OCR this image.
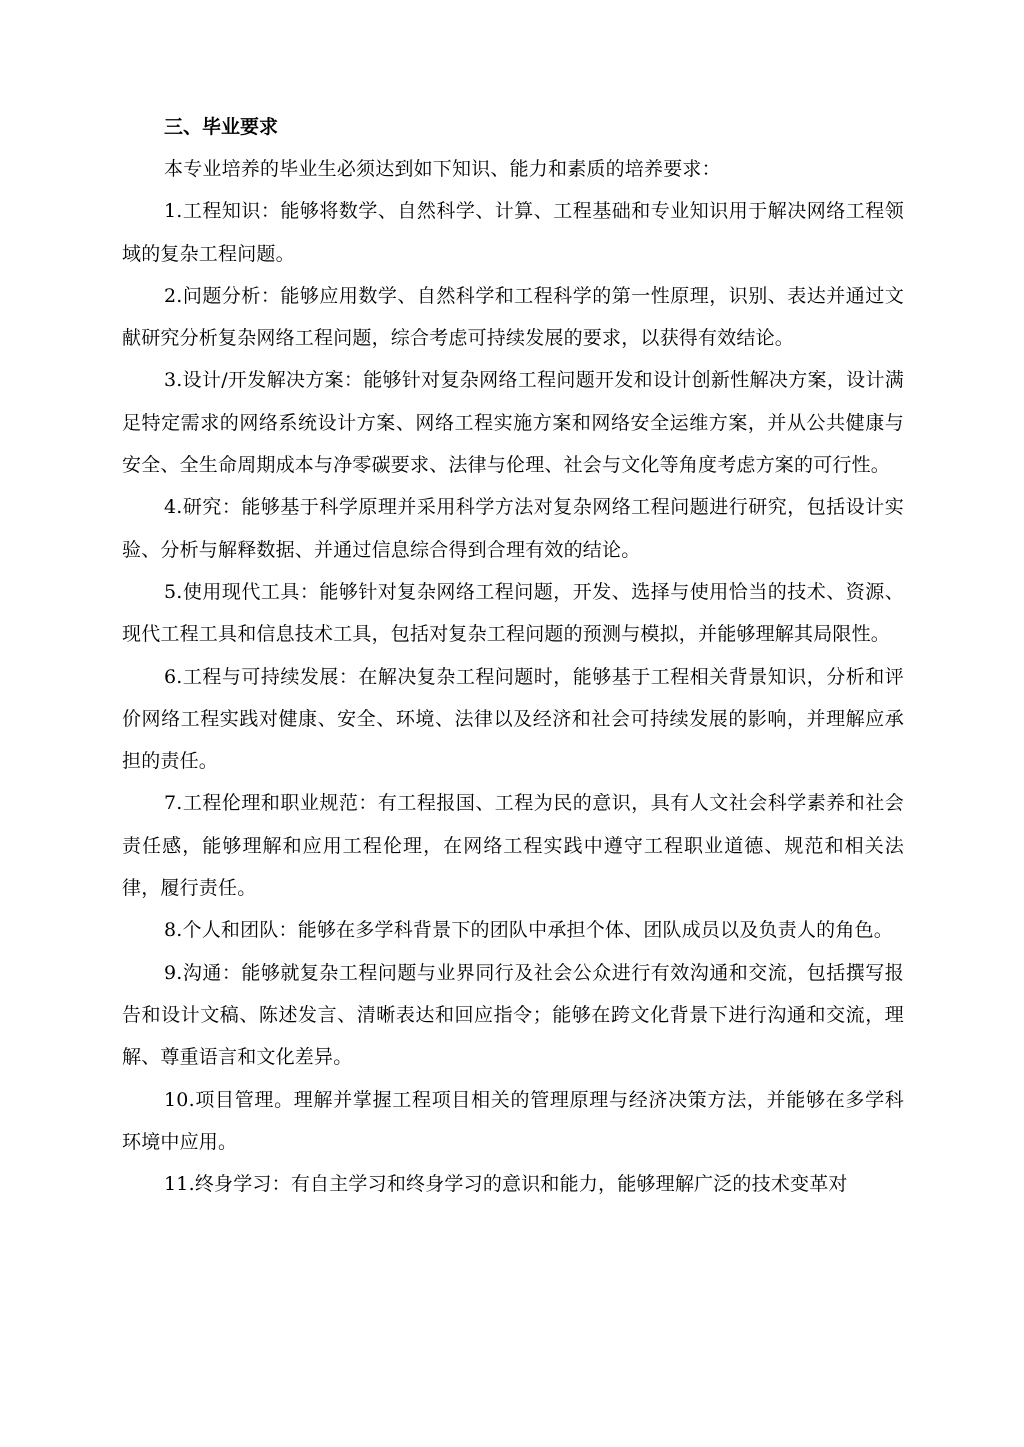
三、毕业要求

本专业培养的毕业生必须达到如下知识、能力和素质的培养要求：

1.工程知识：能够将数学、自然科学、计算、工程基础和专业知识用于解决网络工程领域的复杂工程问题。

2.问题分析：能够应用数学、自然科学和工程科学的第一性原理，识别、表达并通过文献研究分析复杂网络工程问题，综合考虑可持续发展的要求，以获得有效结论。

3.设计/开发解决方案：能够针对复杂网络工程问题开发和设计创新性解决方案，设计满足特定需求的网络系统设计方案、网络工程实施方案和网络安全运维方案，并从公共健康与安全、全生命周期成本与净零碳要求、法律与伦理、社会与文化等角度考虑方案的可行性。

4.研究：能够基于科学原理并采用科学方法对复杂网络工程问题进行研究，包括设计实验、分析与解释数据、并通过信息综合得到合理有效的结论。

5.使用现代工具：能够针对复杂网络工程问题，开发、选择与使用恰当的技术、资源、现代工程工具和信息技术工具，包括对复杂工程问题的预测与模拟，并能够理解其局限性。

6.工程与可持续发展：在解决复杂工程问题时，能够基于工程相关背景知识，分析和评价网络工程实践对健康、安全、环境、法律以及经济和社会可持续发展的影响，并理解应承担的责任。

7.工程伦理和职业规范：有工程报国、工程为民的意识，具有人文社会科学素养和社会责任感，能够理解和应用工程伦理，在网络工程实践中遵守工程职业道德、规范和相关法律，履行责任。

8.个人和团队：能够在多学科背景下的团队中承担个体、团队成员以及负责人的角色。

9.沟通：能够就复杂工程问题与业界同行及社会公众进行有效沟通和交流，包括撰写报告和设计文稿、陈述发言、清晰表达和回应指令；能够在跨文化背景下进行沟通和交流，理解、尊重语言和文化差异。

10.项目管理。理解并掌握工程项目相关的管理原理与经济决策方法，并能够在多学科环境中应用。

11.终身学习：有自主学习和终身学习的意识和能力，能够理解广泛的技术变革对
